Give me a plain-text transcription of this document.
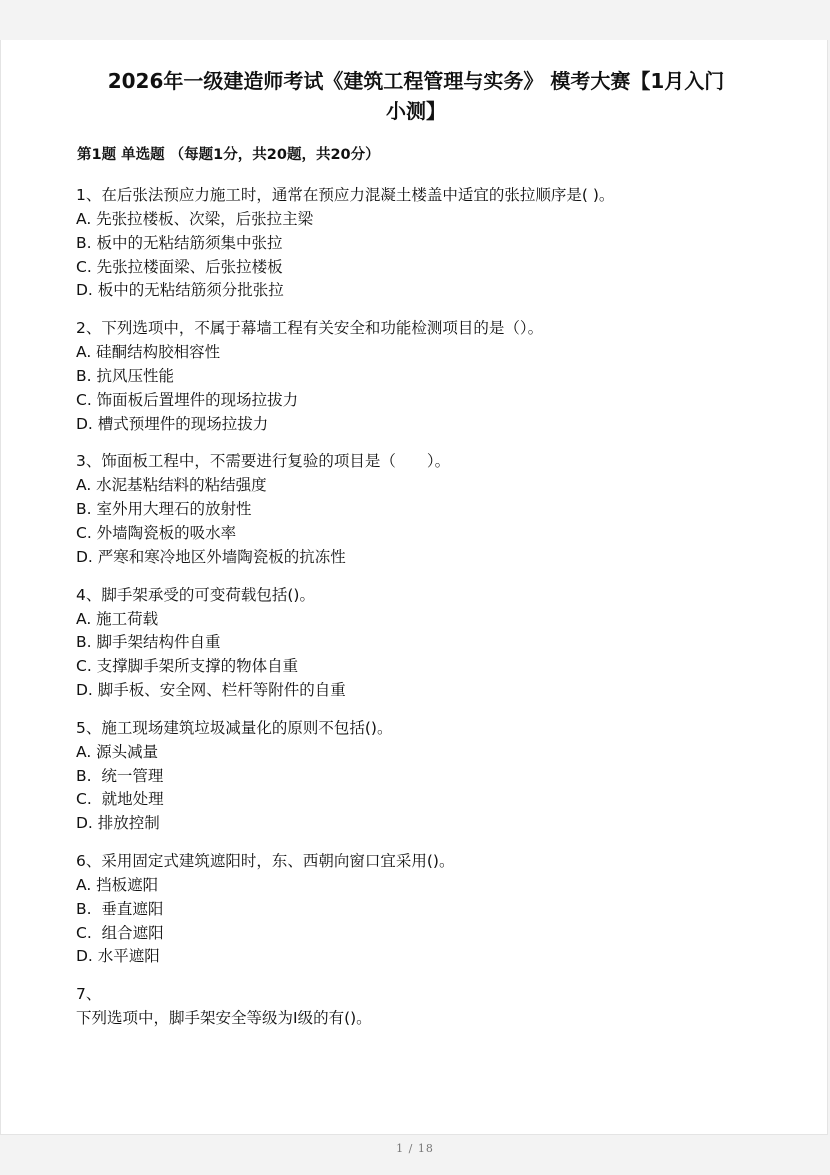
2026年一级建造师考试《建筑工程管理与实务》 模考大赛【1月入门
小测】
第1题 单选题 （每题1分，共20题，共20分）
1、在后张法预应力施工时，通常在预应力混凝土楼盖中适宜的张拉顺序是( )。
A. 先张拉楼板、次梁，后张拉主梁
B. 板中的无粘结筋须集中张拉
C. 先张拉楼面梁、后张拉楼板
D. 板中的无粘结筋须分批张拉
2、下列选项中，不属于幕墙工程有关安全和功能检测项目的是（）。
A. 硅酮结构胶相容性
B. 抗风压性能
C. 饰面板后置埋件的现场拉拔力
D. 槽式预埋件的现场拉拔力
3、饰面板工程中，不需要进行复验的项目是（　　）。
A. 水泥基粘结料的粘结强度
B. 室外用大理石的放射性
C. 外墙陶瓷板的吸水率
D. 严寒和寒冷地区外墙陶瓷板的抗冻性
4、脚手架承受的可变荷载包括()。
A. 施工荷载
B. 脚手架结构件自重
C. 支撑脚手架所支撑的物体自重
D. 脚手板、安全网、栏杆等附件的自重
5、施工现场建筑垃圾减量化的原则不包括()。
A. 源头减量
B.  统一管理
C.  就地处理
D. 排放控制
6、采用固定式建筑遮阳时，东、西朝向窗口宜采用()。
A. 挡板遮阳
B.  垂直遮阳
C.  组合遮阳
D. 水平遮阳
7、
下列选项中，脚手架安全等级为I级的有()。
1 / 18
